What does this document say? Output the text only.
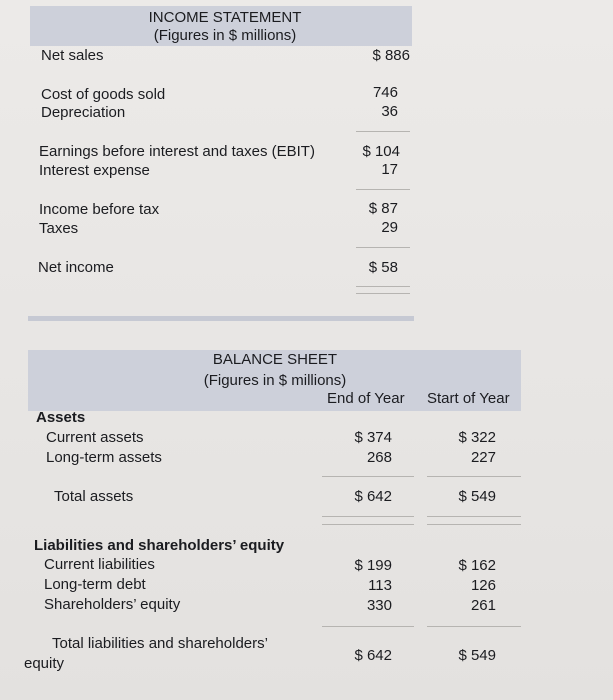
INCOME STATEMENT
(Figures in $ millions)
Net sales	$ 886
Cost of goods sold	746
Depreciation	36
Earnings before interest and taxes (EBIT)	$ 104
Interest expense	17
Income before tax	$ 87
Taxes	29
Net income	$ 58
BALANCE SHEET
(Figures in $ millions)
End of Year Start of Year
Assets
Current assets	$ 374	$ 322
Long-term assets	268	227
Total assets	$ 642	$ 549
Liabilities and shareholders’ equity
Current liabilities	$ 199	$ 162
Long-term debt	113	126
Shareholders’ equity	330	261
Total liabilities and shareholders’
equity	$ 642	$ 549
